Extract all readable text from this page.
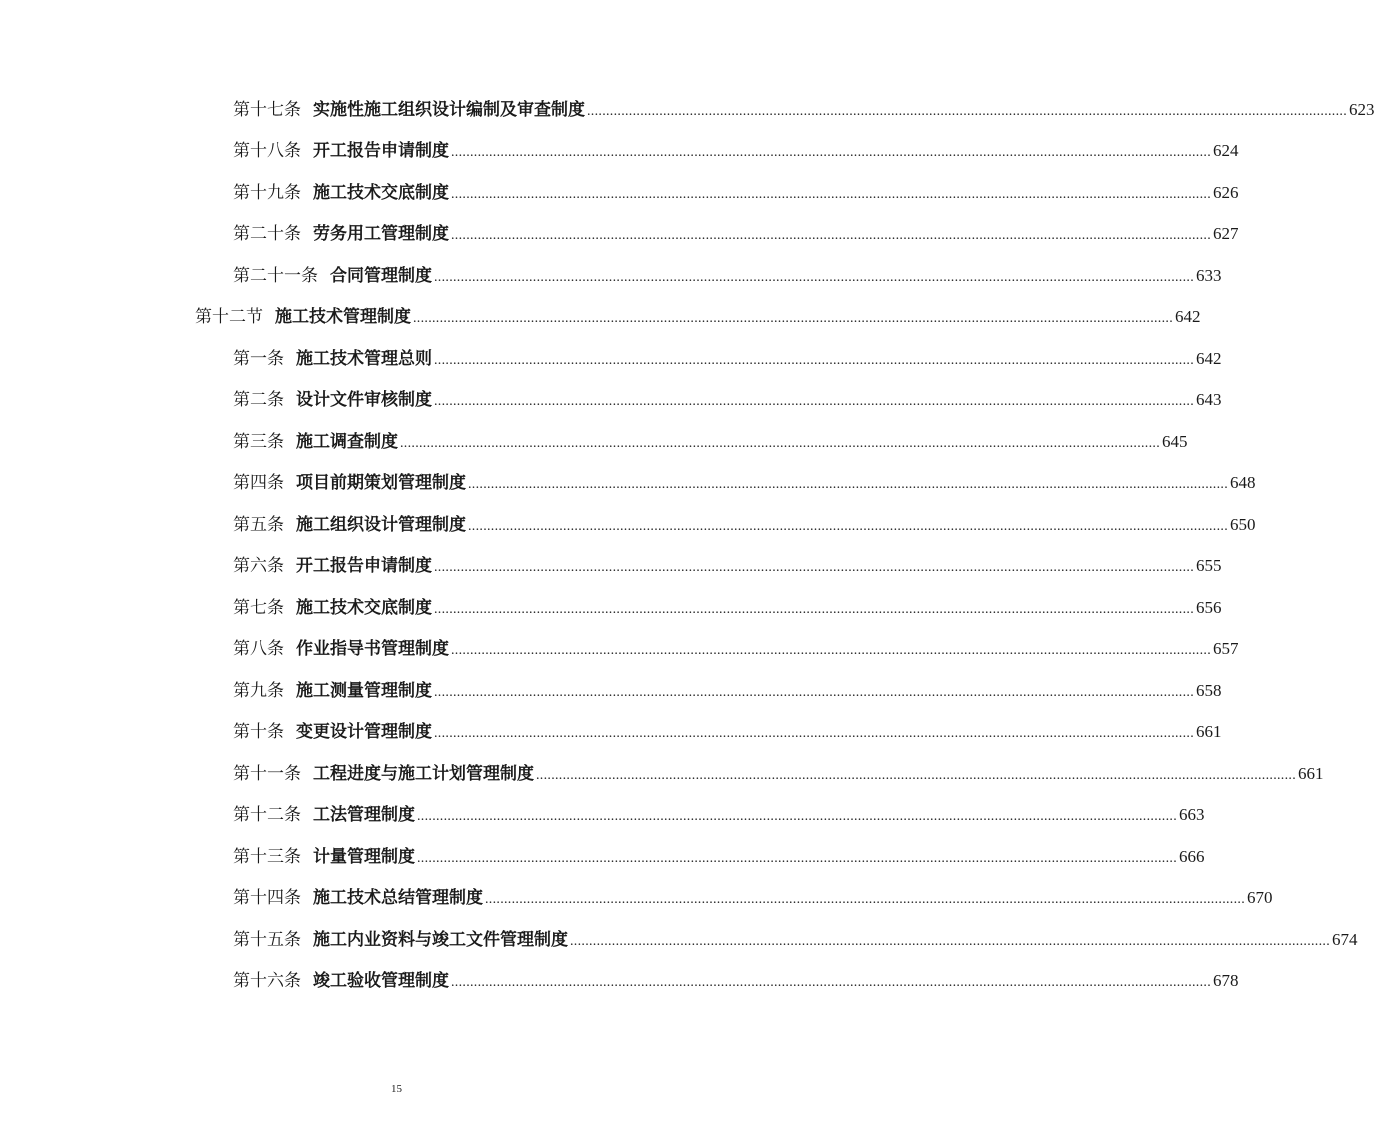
第十七条 实施性施工组织设计编制及审查制度 ........................................................................................................................................................................................................ 623
第十八条 开工报告申请制度 ........................................................................................................................................................................................................ 624
第十九条 施工技术交底制度 ........................................................................................................................................................................................................ 626
第二十条 劳务用工管理制度 ........................................................................................................................................................................................................ 627
第二十一条 合同管理制度 ........................................................................................................................................................................................................ 633
第十二节 施工技术管理制度 ........................................................................................................................................................................................................ 642
第一条 施工技术管理总则 ........................................................................................................................................................................................................ 642
第二条 设计文件审核制度 ........................................................................................................................................................................................................ 643
第三条 施工调查制度 ........................................................................................................................................................................................................ 645
第四条 项目前期策划管理制度 ........................................................................................................................................................................................................ 648
第五条 施工组织设计管理制度 ........................................................................................................................................................................................................ 650
第六条 开工报告申请制度 ........................................................................................................................................................................................................ 655
第七条 施工技术交底制度 ........................................................................................................................................................................................................ 656
第八条 作业指导书管理制度 ........................................................................................................................................................................................................ 657
第九条 施工测量管理制度 ........................................................................................................................................................................................................ 658
第十条 变更设计管理制度 ........................................................................................................................................................................................................ 661
第十一条 工程进度与施工计划管理制度 ........................................................................................................................................................................................................ 661
第十二条 工法管理制度 ........................................................................................................................................................................................................ 663
第十三条 计量管理制度 ........................................................................................................................................................................................................ 666
第十四条 施工技术总结管理制度 ........................................................................................................................................................................................................ 670
第十五条 施工内业资料与竣工文件管理制度 ........................................................................................................................................................................................................ 674
第十六条 竣工验收管理制度 ........................................................................................................................................................................................................ 678
15
